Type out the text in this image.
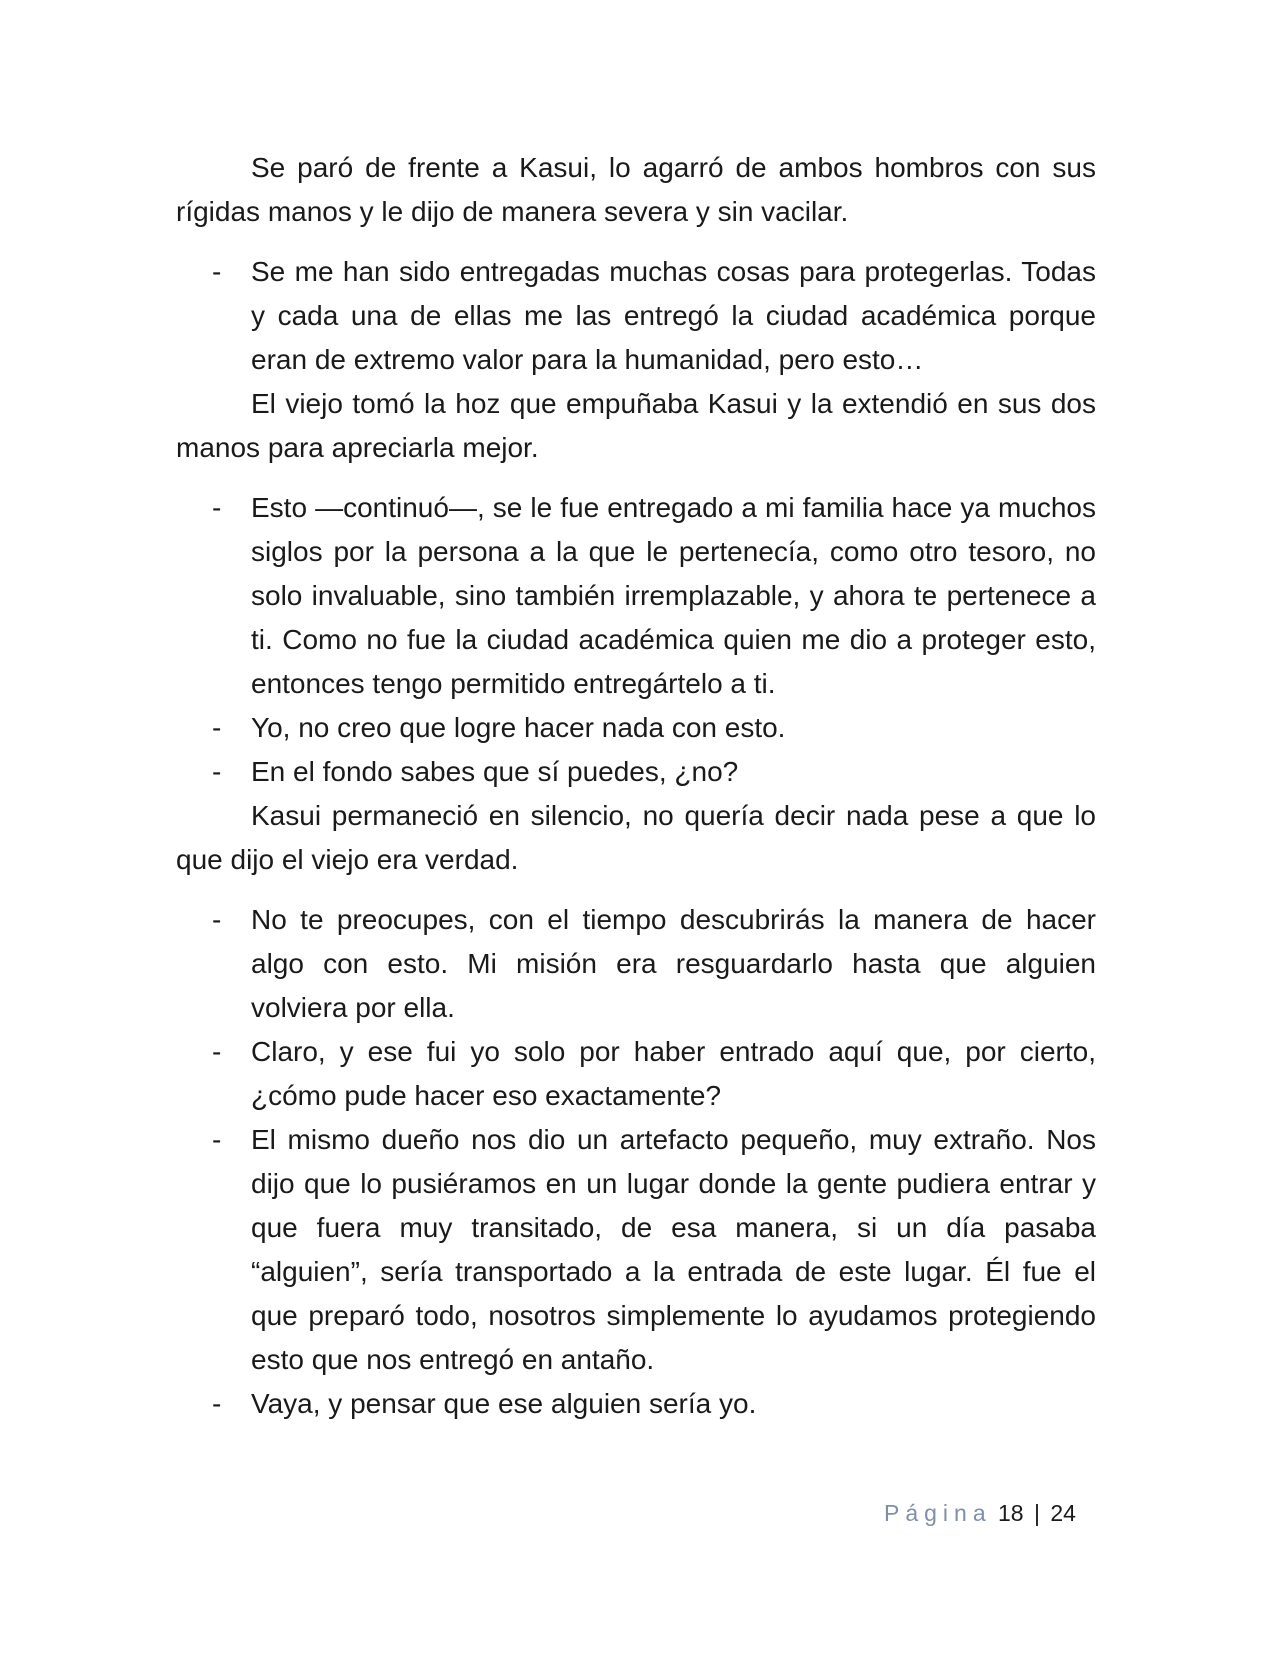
Se paró de frente a Kasui, lo agarró de ambos hombros con sus rígidas manos y le dijo de manera severa y sin vacilar.

- Se me han sido entregadas muchas cosas para protegerlas. Todas y cada una de ellas me las entregó la ciudad académica porque eran de extremo valor para la humanidad, pero esto…

El viejo tomó la hoz que empuñaba Kasui y la extendió en sus dos manos para apreciarla mejor.

- Esto —continuó—, se le fue entregado a mi familia hace ya muchos siglos por la persona a la que le pertenecía, como otro tesoro, no solo invaluable, sino también irremplazable, y ahora te pertenece a ti. Como no fue la ciudad académica quien me dio a proteger esto, entonces tengo permitido entregártelo a ti.

- Yo, no creo que logre hacer nada con esto.

- En el fondo sabes que sí puedes, ¿no?

Kasui permaneció en silencio, no quería decir nada pese a que lo que dijo el viejo era verdad.

- No te preocupes, con el tiempo descubrirás la manera de hacer algo con esto. Mi misión era resguardarlo hasta que alguien volviera por ella.

- Claro, y ese fui yo solo por haber entrado aquí que, por cierto, ¿cómo pude hacer eso exactamente?

- El mismo dueño nos dio un artefacto pequeño, muy extraño. Nos dijo que lo pusiéramos en un lugar donde la gente pudiera entrar y que fuera muy transitado, de esa manera, si un día pasaba “alguien”, sería transportado a la entrada de este lugar. Él fue el que preparó todo, nosotros simplemente lo ayudamos protegiendo esto que nos entregó en antaño.

- Vaya, y pensar que ese alguien sería yo.

Página 18 | 24
